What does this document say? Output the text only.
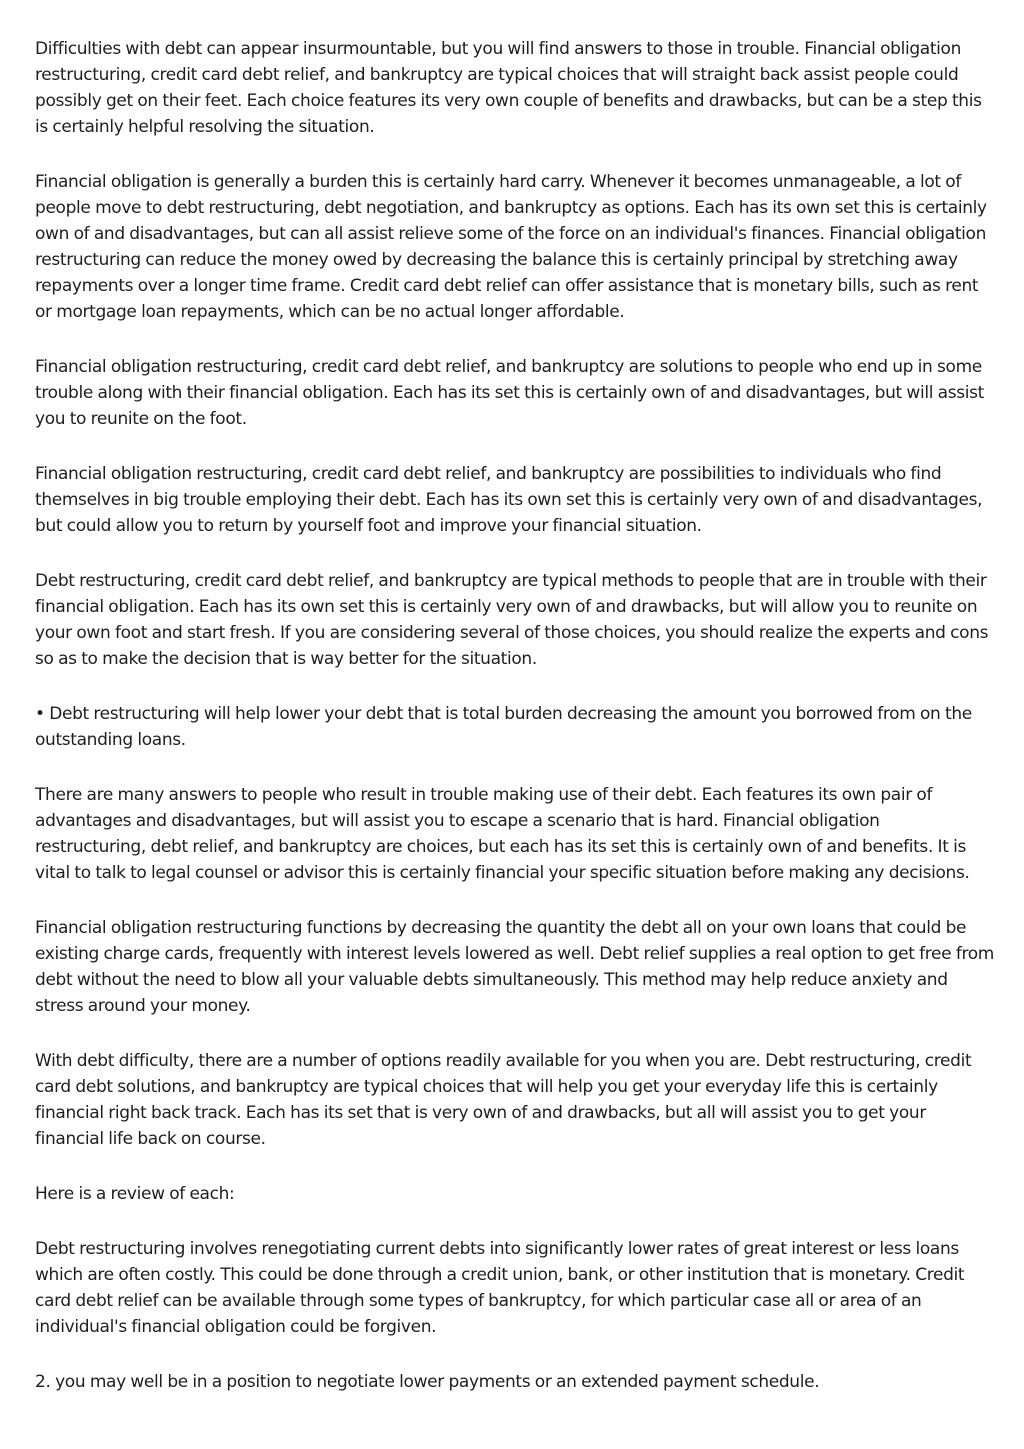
Difficulties with debt can appear insurmountable, but you will find answers to those in trouble. Financial obligation restructuring, credit card debt relief, and bankruptcy are typical choices that will straight back assist people could possibly get on their feet. Each choice features its very own couple of benefits and drawbacks, but can be a step this is certainly helpful resolving the situation.

Financial obligation is generally a burden this is certainly hard carry. Whenever it becomes unmanageable, a lot of people move to debt restructuring, debt negotiation, and bankruptcy as options. Each has its own set this is certainly own of and disadvantages, but can all assist relieve some of the force on an individual's finances. Financial obligation restructuring can reduce the money owed by decreasing the balance this is certainly principal by stretching away repayments over a longer time frame. Credit card debt relief can offer assistance that is monetary bills, such as rent or mortgage loan repayments, which can be no actual longer affordable.

Financial obligation restructuring, credit card debt relief, and bankruptcy are solutions to people who end up in some trouble along with their financial obligation. Each has its set this is certainly own of and disadvantages, but will assist you to reunite on the foot.

Financial obligation restructuring, credit card debt relief, and bankruptcy are possibilities to individuals who find themselves in big trouble employing their debt. Each has its own set this is certainly very own of and disadvantages, but could allow you to return by yourself foot and improve your financial situation.

Debt restructuring, credit card debt relief, and bankruptcy are typical methods to people that are in trouble with their financial obligation. Each has its own set this is certainly very own of and drawbacks, but will allow you to reunite on your own foot and start fresh. If you are considering several of those choices, you should realize the experts and cons so as to make the decision that is way better for the situation.

• Debt restructuring will help lower your debt that is total burden decreasing the amount you borrowed from on the outstanding loans.

There are many answers to people who result in trouble making use of their debt. Each features its own pair of advantages and disadvantages, but will assist you to escape a scenario that is hard. Financial obligation restructuring, debt relief, and bankruptcy are choices, but each has its set this is certainly own of and benefits. It is vital to talk to legal counsel or advisor this is certainly financial your specific situation before making any decisions.

Financial obligation restructuring functions by decreasing the quantity the debt all on your own loans that could be existing charge cards, frequently with interest levels lowered as well. Debt relief supplies a real option to get free from debt without the need to blow all your valuable debts simultaneously. This method may help reduce anxiety and stress around your money.

With debt difficulty, there are a number of options readily available for you when you are. Debt restructuring, credit card debt solutions, and bankruptcy are typical choices that will help you get your everyday life this is certainly financial right back track. Each has its set that is very own of and drawbacks, but all will assist you to get your financial life back on course.

Here is a review of each:

Debt restructuring involves renegotiating current debts into significantly lower rates of great interest or less loans which are often costly. This could be done through a credit union, bank, or other institution that is monetary. Credit card debt relief can be available through some types of bankruptcy, for which particular case all or area of an individual's financial obligation could be forgiven.

2. you may well be in a position to negotiate lower payments or an extended payment schedule.
